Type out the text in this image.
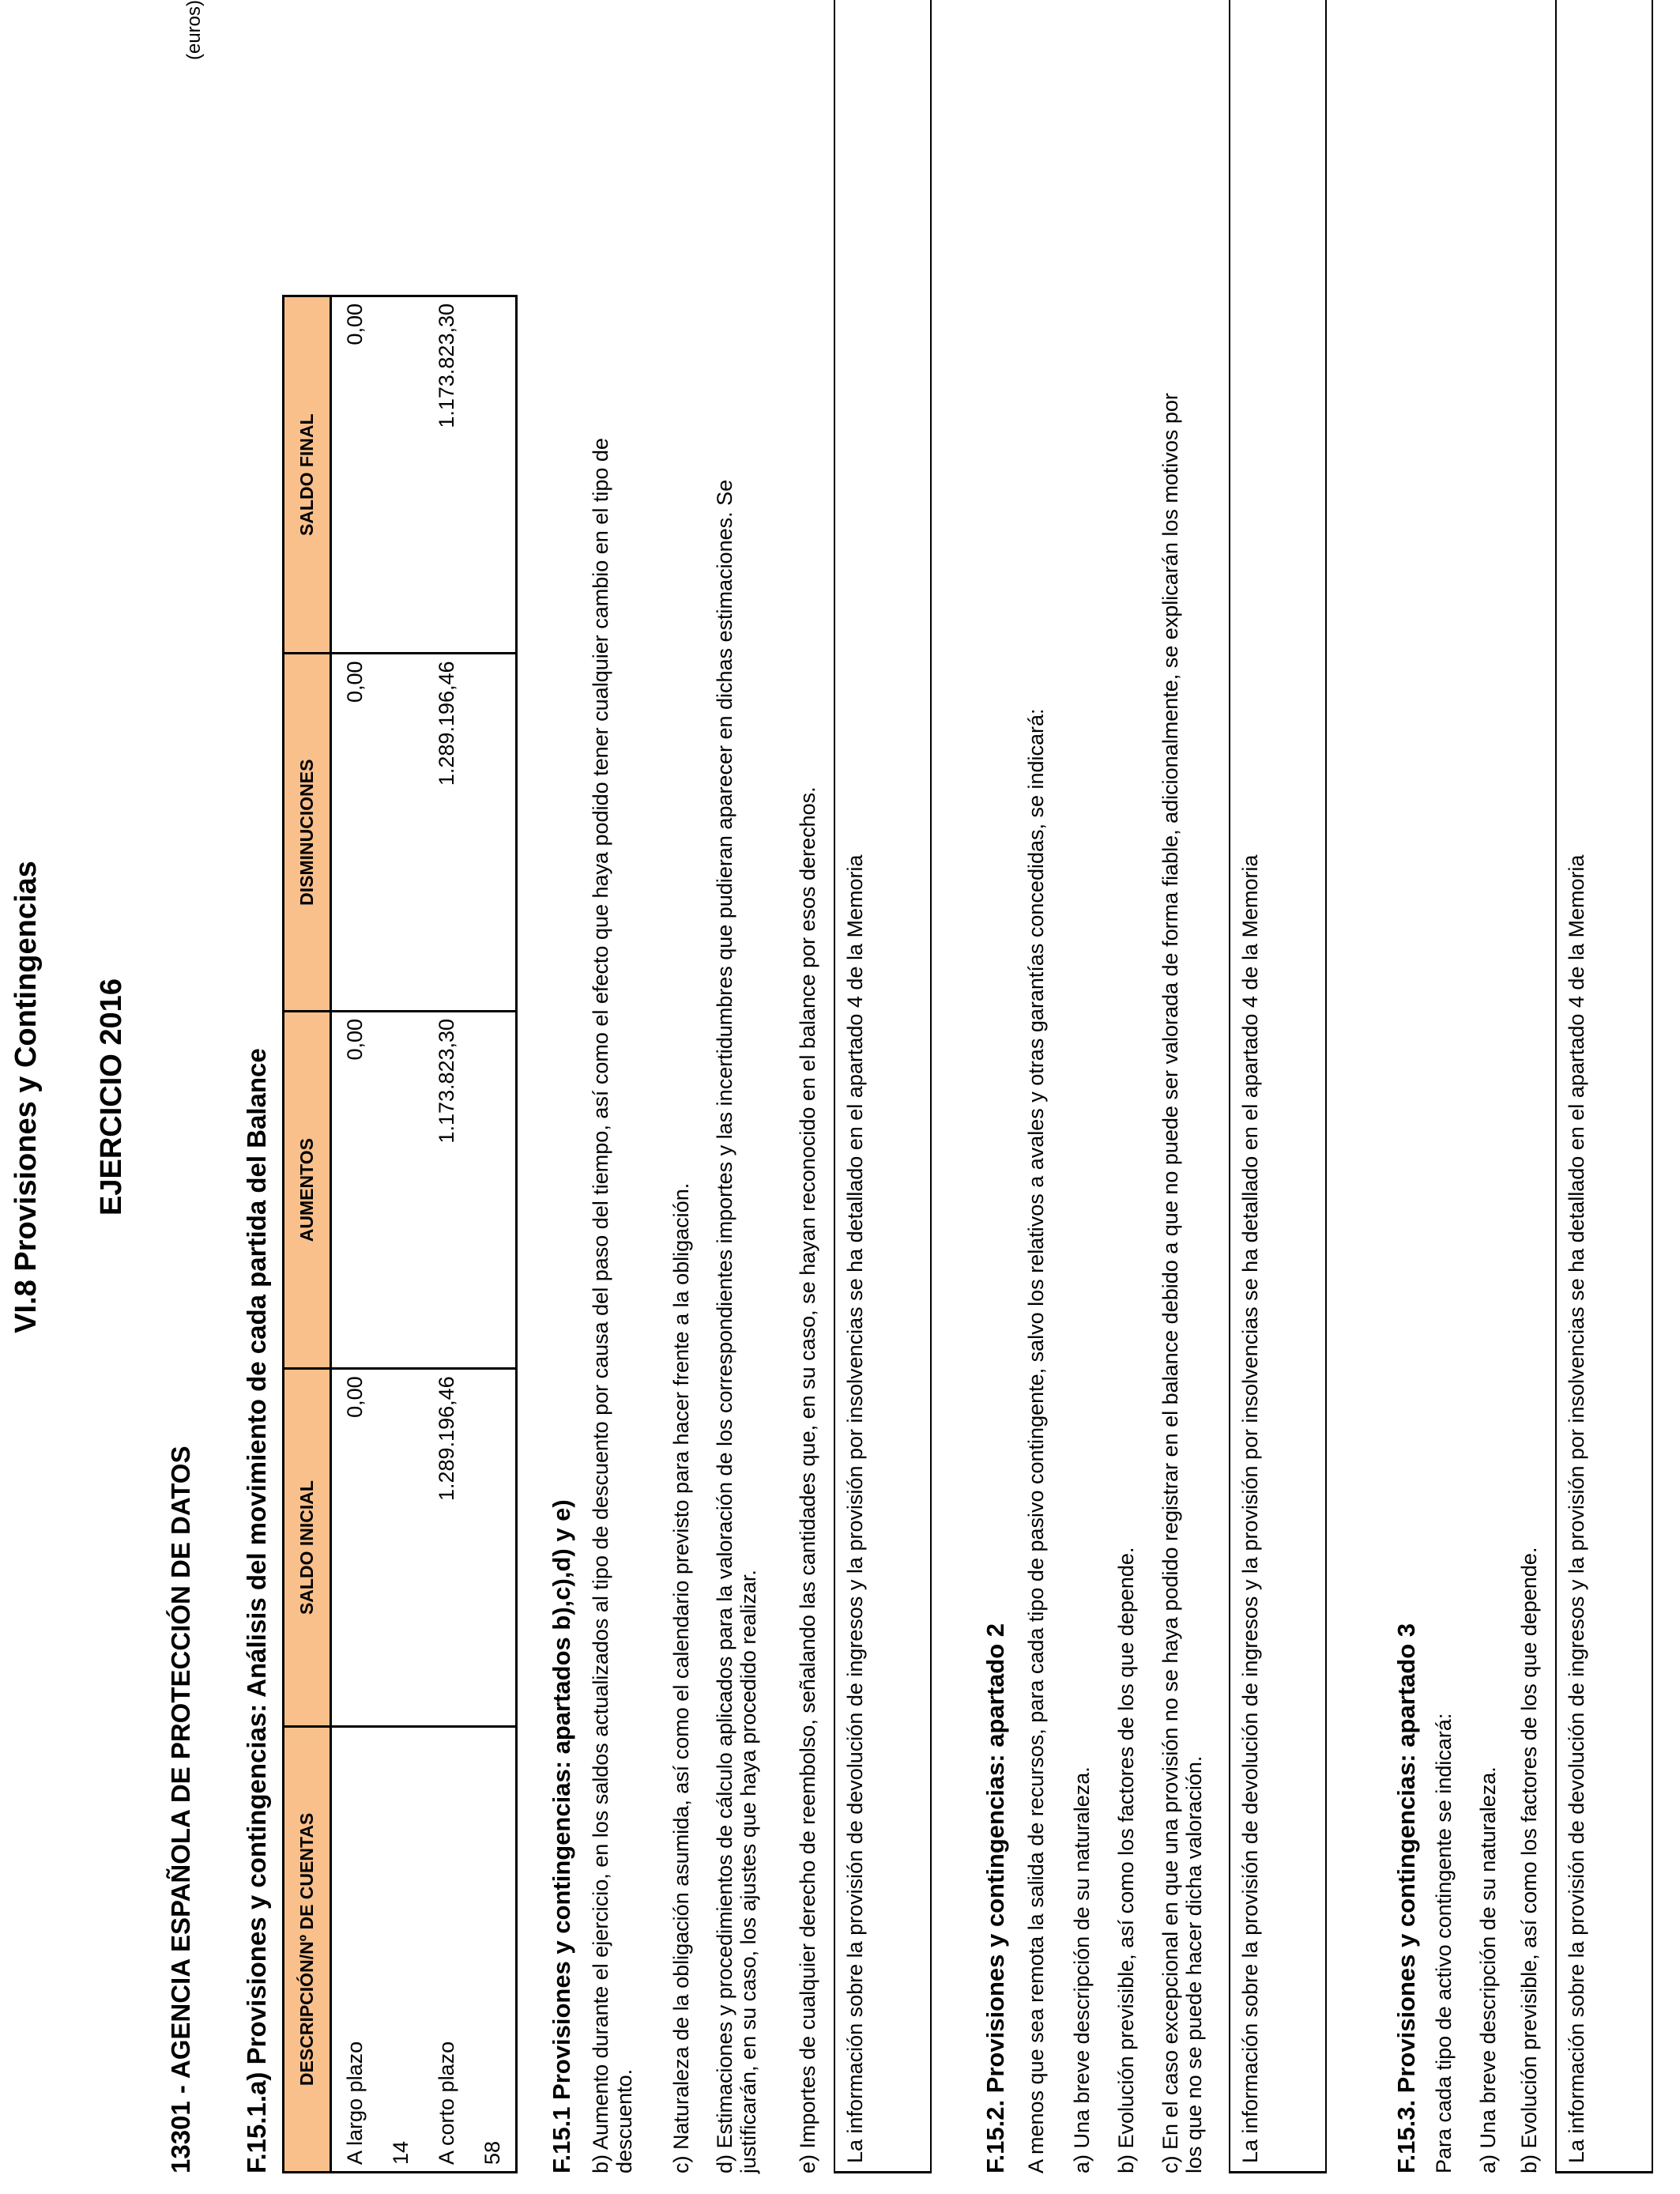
VI.8 Provisiones y Contingencias EJERCICIO 2016
(euros)
13301 - AGENCIA ESPAÑOLA DE PROTECCIÓN DE DATOS F.15.1.a) Provisiones y contingencias: Análisis del movimiento de cada partida del Balance DESCRIPCIÓN/Nº DE CUENTAS	SALDO INICIAL	AUMENTOS	DISMINUCIONES	SALDO FINAL
A largo plazo	0,00	0,00	0,00	0,00
14				
A corto plazo	1.289.196,46	1.173.823,30	1.289.196,46	1.173.823,30
58				F.15.1 Provisiones y contingencias: apartados b),c),d) y e) b) Aumento durante el ejercicio, en los saldos actualizados al tipo de descuento por causa del paso del tiempo, así como el efecto que haya podido tener cualquier cambio en el tipo de descuento. c) Naturaleza de la obligación asumida, así como el calendario previsto para hacer frente a la obligación. d) Estimaciones y procedimientos de cálculo aplicados para la valoración de los correspondientes importes y las incertidumbres que pudieran aparecer en dichas estimaciones. Se justificarán, en su caso, los ajustes que haya procedido realizar. e) Importes de cualquier derecho de reembolso, señalando las cantidades que, en su caso, se hayan reconocido en el balance por esos derechos. La información sobre la provisión de devolución de ingresos y la provisión por insolvencias se ha detallado en el apartado 4 de la Memoria	F.15.2. Provisiones y contingencias: apartado 2 A menos que sea remota la salida de recursos, para cada tipo de pasivo contingente, salvo los relativos a avales y otras garantías concedidas, se indicará: a) Una breve descripción de su naturaleza. b) Evolución previsible, así como los factores de los que depende. c) En el caso excepcional en que una provisión no se haya podido registrar en el balance debido a que no puede ser valorada de forma fiable, adicionalmente, se explicarán los motivos por los que no se puede hacer dicha valoración. La información sobre la provisión de devolución de ingresos y la provisión por insolvencias se ha detallado en el apartado 4 de la Memoria	F.15.3. Provisiones y contingencias: apartado 3 Para cada tipo de activo contingente se indicará: a) Una breve descripción de su naturaleza. b) Evolución previsible, así como los factores de los que depende. La información sobre la provisión de devolución de ingresos y la provisión por insolvencias se ha detallado en el apartado 4 de la Memoria
